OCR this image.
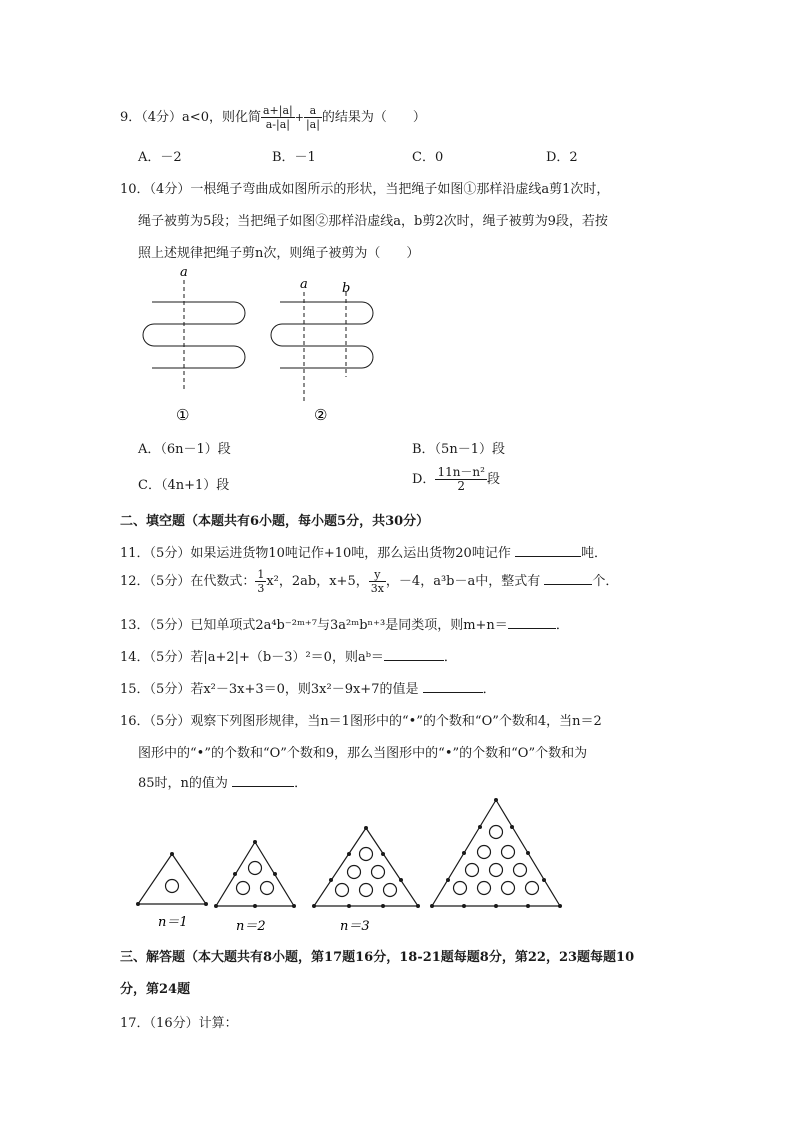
9．（4分）a<0，则化简 $\frac{a+|a|}{a-|a|} + \frac{a}{|a|}$ 的结果为（　　）
A．－2	B．－1	C．0	D．2
10．（4分）一根绳子弯曲成如图所示的形状，当把绳子如图①那样沿虚线a剪1次时，
绳子被剪为5段；当把绳子如图②那样沿虚线a，b剪2次时，绳子被剪为9段，若按
照上述规律把绳子剪n次，则绳子被剪为（　　）
a
①
a	b
②
A．（6n－1）段	B．（5n－1）段
C．（4n+1）段	D． $\frac{\text{11n－n²}}{2}$ 段
二、填空题（本题共有6小题，每小题5分，共30分）
11．（5分）如果运进货物10吨记作+10吨，那么运出货物20吨记作	吨．
12．（5分）在代数式： $\frac{1}{3} x^2$，2ab，x+5， $\frac{y}{3x}$ ，－4，a³b－a中，整式有	个．
13．（5分）已知单项式2a⁴b⁻²ᵐ⁺⁷与3a²ᵐbⁿ⁺³是同类项，则m+n＝	．
14．（5分）若|a+2|+（b－3）²＝0，则aᵇ＝	．
15．（5分）若x²－3x+3＝0，则3x²－9x+7的值是	．
16．（5分）观察下列图形规律，当n＝1图形中的“•”的个数和“O”个数和4，当n＝2
图形中的“•”的个数和“O”个数和9，那么当图形中的“•”的个数和“O”个数和为
85时，n的值为	．
n＝1	n＝2	n＝3
三、解答题（本大题共有8小题，第17题16分，18-21题每题8分，第22，23题每题10
分，第24题
17．（16分）计算：
